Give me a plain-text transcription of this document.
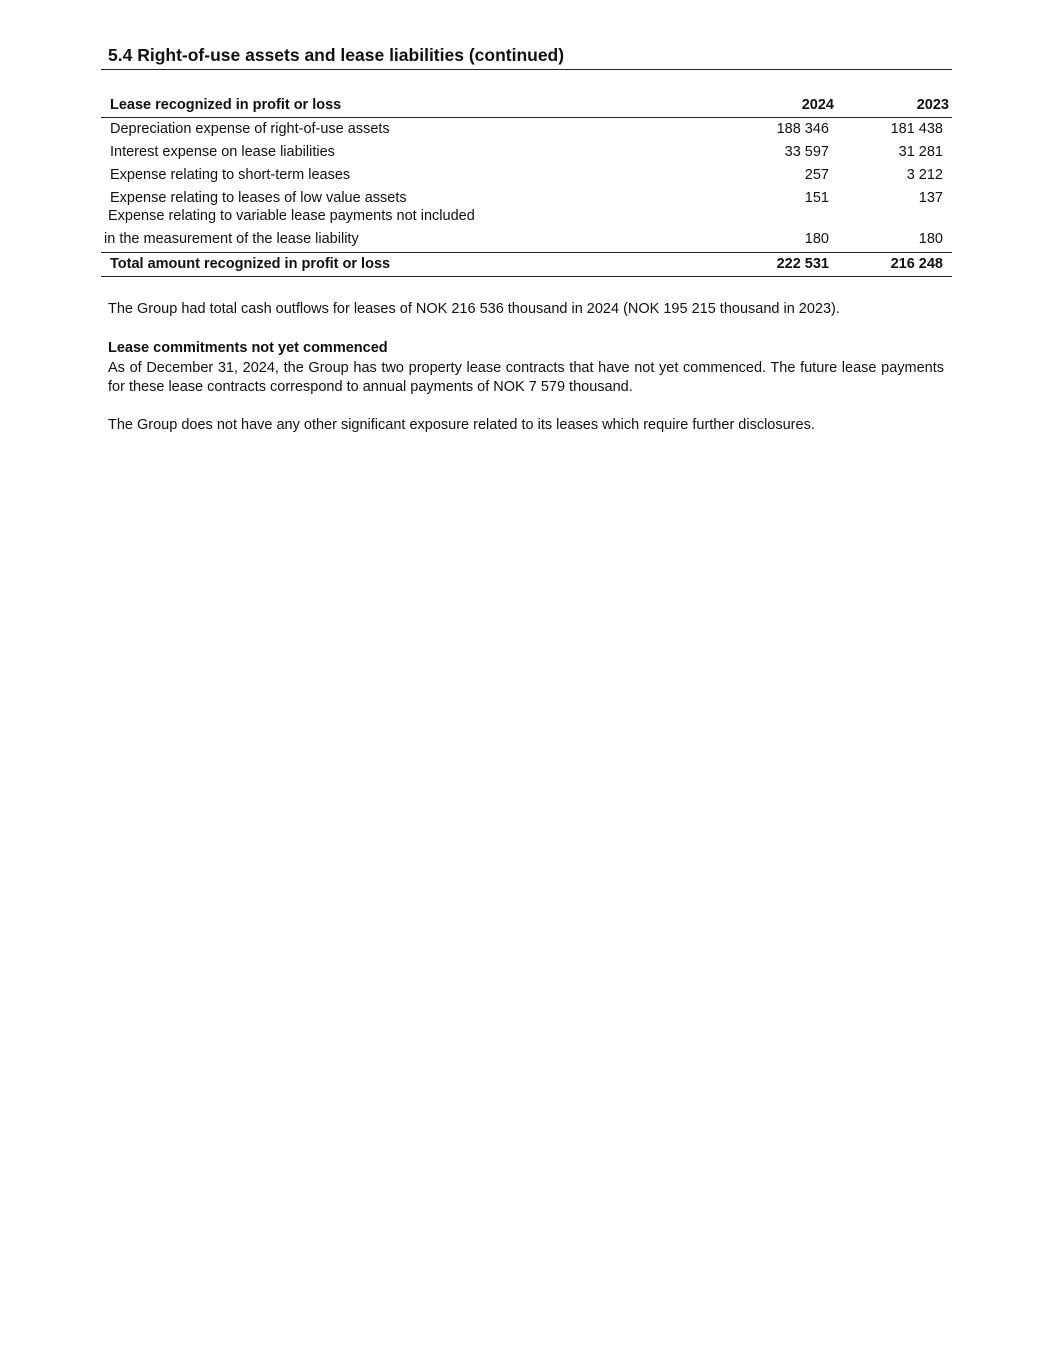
5.4 Right-of-use assets and lease liabilities (continued)
Lease recognized in profit or loss	2024	2023
Depreciation expense of right-of-use assets	188 346	181 438
Interest expense on lease liabilities	33 597	31 281
Expense relating to short-term leases	257	3 212
Expense relating to leases of low value assets	151	137
Expense relating to variable lease payments not included
in the measurement of the lease liability	180	180
Total amount recognized in profit or loss	222 531	216 248
The Group had total cash outflows for leases of NOK 216 536 thousand in 2024 (NOK 195 215 thousand in 2023).
Lease commitments not yet commenced
As of December 31, 2024, the Group has two property lease contracts that have not yet commenced. The future lease payments for these lease contracts correspond to annual payments of NOK 7 579 thousand.
The Group does not have any other significant exposure related to its leases which require further disclosures.
